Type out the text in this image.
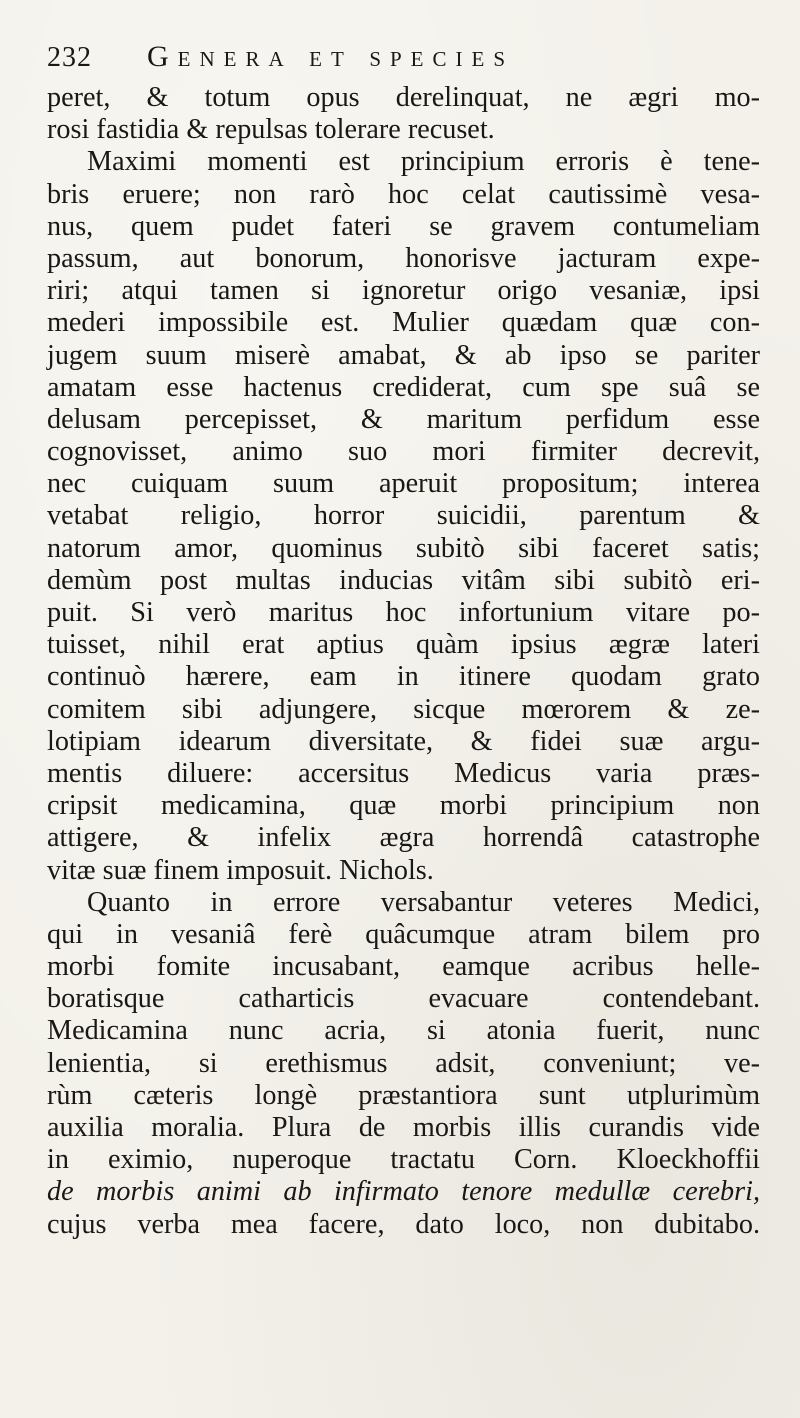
232	Genera et species
peret, & totum opus derelinquat, ne ægri mo-
rosi fastidia & repulsas tolerare recuset.
Maximi momenti est principium erroris è tene-
bris eruere; non rarò hoc celat cautissimè vesa-
nus, quem pudet fateri se gravem contumeliam
passum, aut bonorum, honorisve jacturam expe-
riri; atqui tamen si ignoretur origo vesaniæ, ipsi
mederi impossibile est. Mulier quædam quæ con-
jugem suum miserè amabat, & ab ipso se pariter
amatam esse hactenus crediderat, cum spe suâ se
delusam percepisset, & maritum perfidum esse
cognovisset, animo suo mori firmiter decrevit,
nec cuiquam suum aperuit propositum; interea
vetabat religio, horror suicidii, parentum &
natorum amor, quominus subitò sibi faceret satis;
demùm post multas inducias vitâm sibi subitò eri-
puit. Si verò maritus hoc infortunium vitare po-
tuisset, nihil erat aptius quàm ipsius ægræ lateri
continuò hærere, eam in itinere quodam grato
comitem sibi adjungere, sicque mœrorem & ze-
lotipiam idearum diversitate, & fidei suæ argu-
mentis diluere: accersitus Medicus varia præs-
cripsit medicamina, quæ morbi principium non
attigere, & infelix ægra horrendâ catastrophe
vitæ suæ finem imposuit. Nichols.
Quanto in errore versabantur veteres Medici,
qui in vesaniâ ferè quâcumque atram bilem pro
morbi fomite incusabant, eamque acribus helle-
boratisque catharticis evacuare contendebant.
Medicamina nunc acria, si atonia fuerit, nunc
lenientia, si erethismus adsit, conveniunt; ve-
rùm cæteris longè præstantiora sunt utplurimùm
auxilia moralia. Plura de morbis illis curandis vide
in eximio, nuperoque tractatu Corn. Kloeckhoffii
de morbis animi ab infirmato tenore medullæ cerebri,
cujus verba mea facere, dato loco, non dubitabo.
